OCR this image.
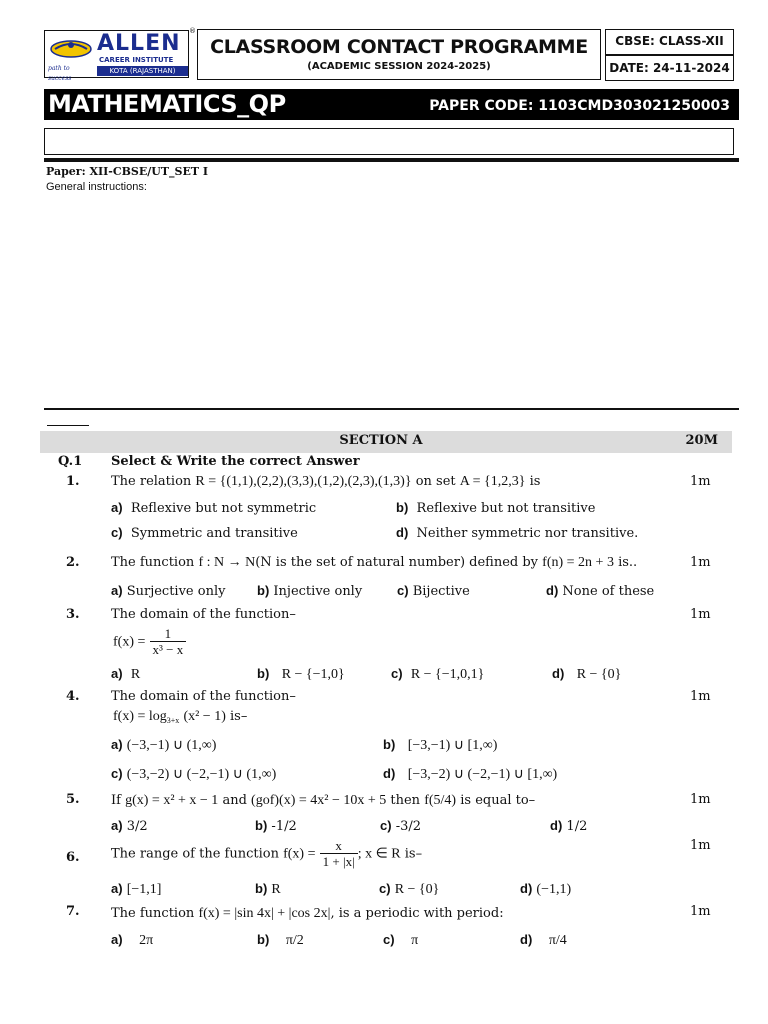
ALLEN
CAREER INSTITUTE
KOTA (RAJASTHAN)
path to success
®
CLASSROOM CONTACT PROGRAMME
(ACADEMIC SESSION 2024-2025)
CBSE: CLASS-XII
DATE: 24-11-2024
MATHEMATICS_QP	PAPER CODE: 1103CMD303021250003
Paper: XII-CBSE/UT_SET I
General instructions:
SECTION A	20M
Q.1 Select & Write the correct Answer
1. The relation R = {(1,1),(2,2),(3,3),(1,2),(2,3),(1,3)} on set A = {1,2,3} is	1m
a) Reflexive but not symmetric	b) Reflexive but not transitive
c) Symmetric and transitive	d) Neither symmetric nor transitive.
2. The function f : N → N(N is the set of natural number) defined by f(n) = 2n + 3 is..	1m
a) Surjective only b) Injective only	c) Bijective	d) None of these
3. The domain of the function–	1m
$f(x) = \frac{1}{\text{x³ − x}}$
a) R	b) R − {−1,0}	c) R − {−1,0,1}	d) R − {0}
4. The domain of the function–	1m
$f(x) = \log_{3+x} (x^2 - 1)$ is–
a) (−3,−1) ∪ (1,∞)	b) [−3,−1) ∪ [1,∞)
c) (−3,−2) ∪ (−2,−1) ∪ (1,∞)	d) [−3,−2) ∪ (−2,−1) ∪ [1,∞)
5. If g(x) = x² + x − 1 and (gof)(x) = 4x² − 10x + 5 then f(5/4) is equal to–	1m
a) 3/2	b) -1/2	c) -3/2	d) 1/2
6. The range of the function $f(x) = \frac{x}{1 + |x|}$ ; x ∈ R is–
1m
a) [−1,1]	b) R	c) R − {0}	d) (−1,1)
7. The function f(x) = |sin 4x| + |cos 2x|, is a periodic with period:	1m
a) 2π	b) π/2	c) π	d) π/4
